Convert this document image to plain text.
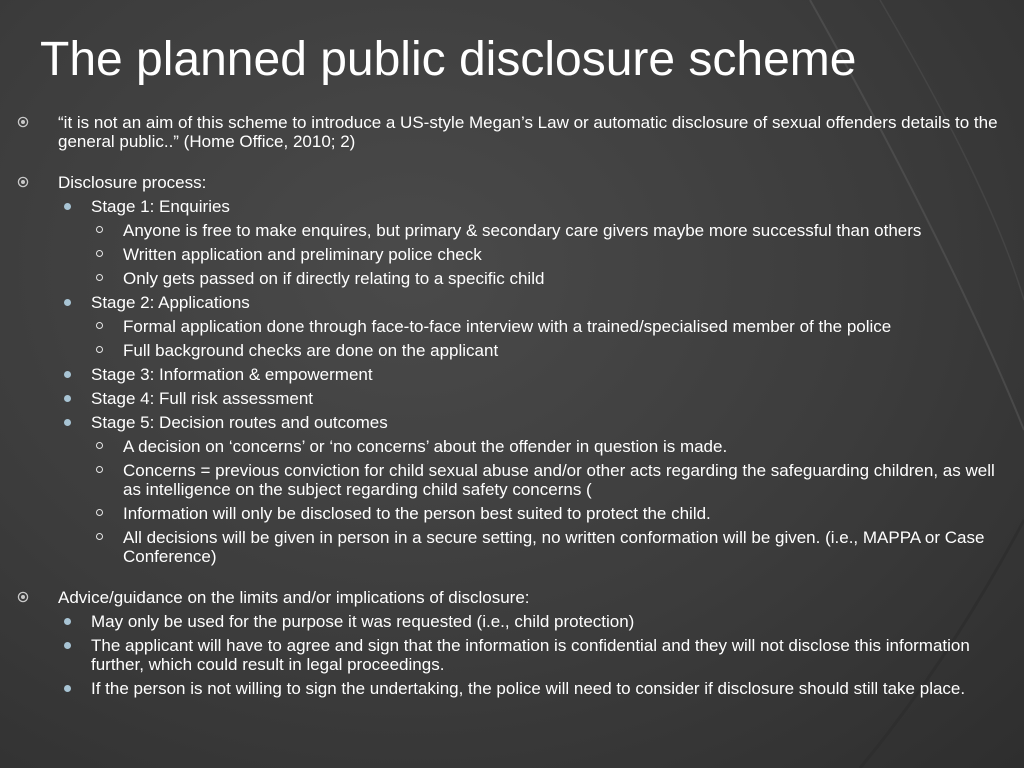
The planned public disclosure scheme
“it is not an aim of this scheme to introduce a US-style Megan’s Law or automatic disclosure of sexual offenders details to the general public..” (Home Office, 2010; 2)
Disclosure process:
Stage 1: Enquiries
Anyone is free to make enquires, but primary & secondary care givers maybe more successful than others
Written application and preliminary police check
Only gets passed on if directly relating to a specific child
Stage 2: Applications
Formal application done through face-to-face interview with a trained/specialised member of the police
Full background checks are done on the applicant
Stage 3: Information & empowerment
Stage 4: Full risk assessment
Stage 5: Decision routes and outcomes
A decision on ‘concerns’ or ‘no concerns’ about the offender in question is made.
Concerns = previous conviction for child sexual abuse and/or other acts regarding the safeguarding children, as well as intelligence on the subject regarding child safety concerns (
Information will only be disclosed to the person best suited to protect the child.
All decisions will be given in person in a secure setting, no written conformation will be given. (i.e., MAPPA or Case Conference)
Advice/guidance on the limits and/or implications of disclosure:
May only be used for the purpose it was requested (i.e., child protection)
The applicant will have to agree and sign that the information is confidential and they will not disclose this information further, which could result in legal proceedings.
If the person is not willing to sign the undertaking, the police will need to consider if disclosure should still take place.
